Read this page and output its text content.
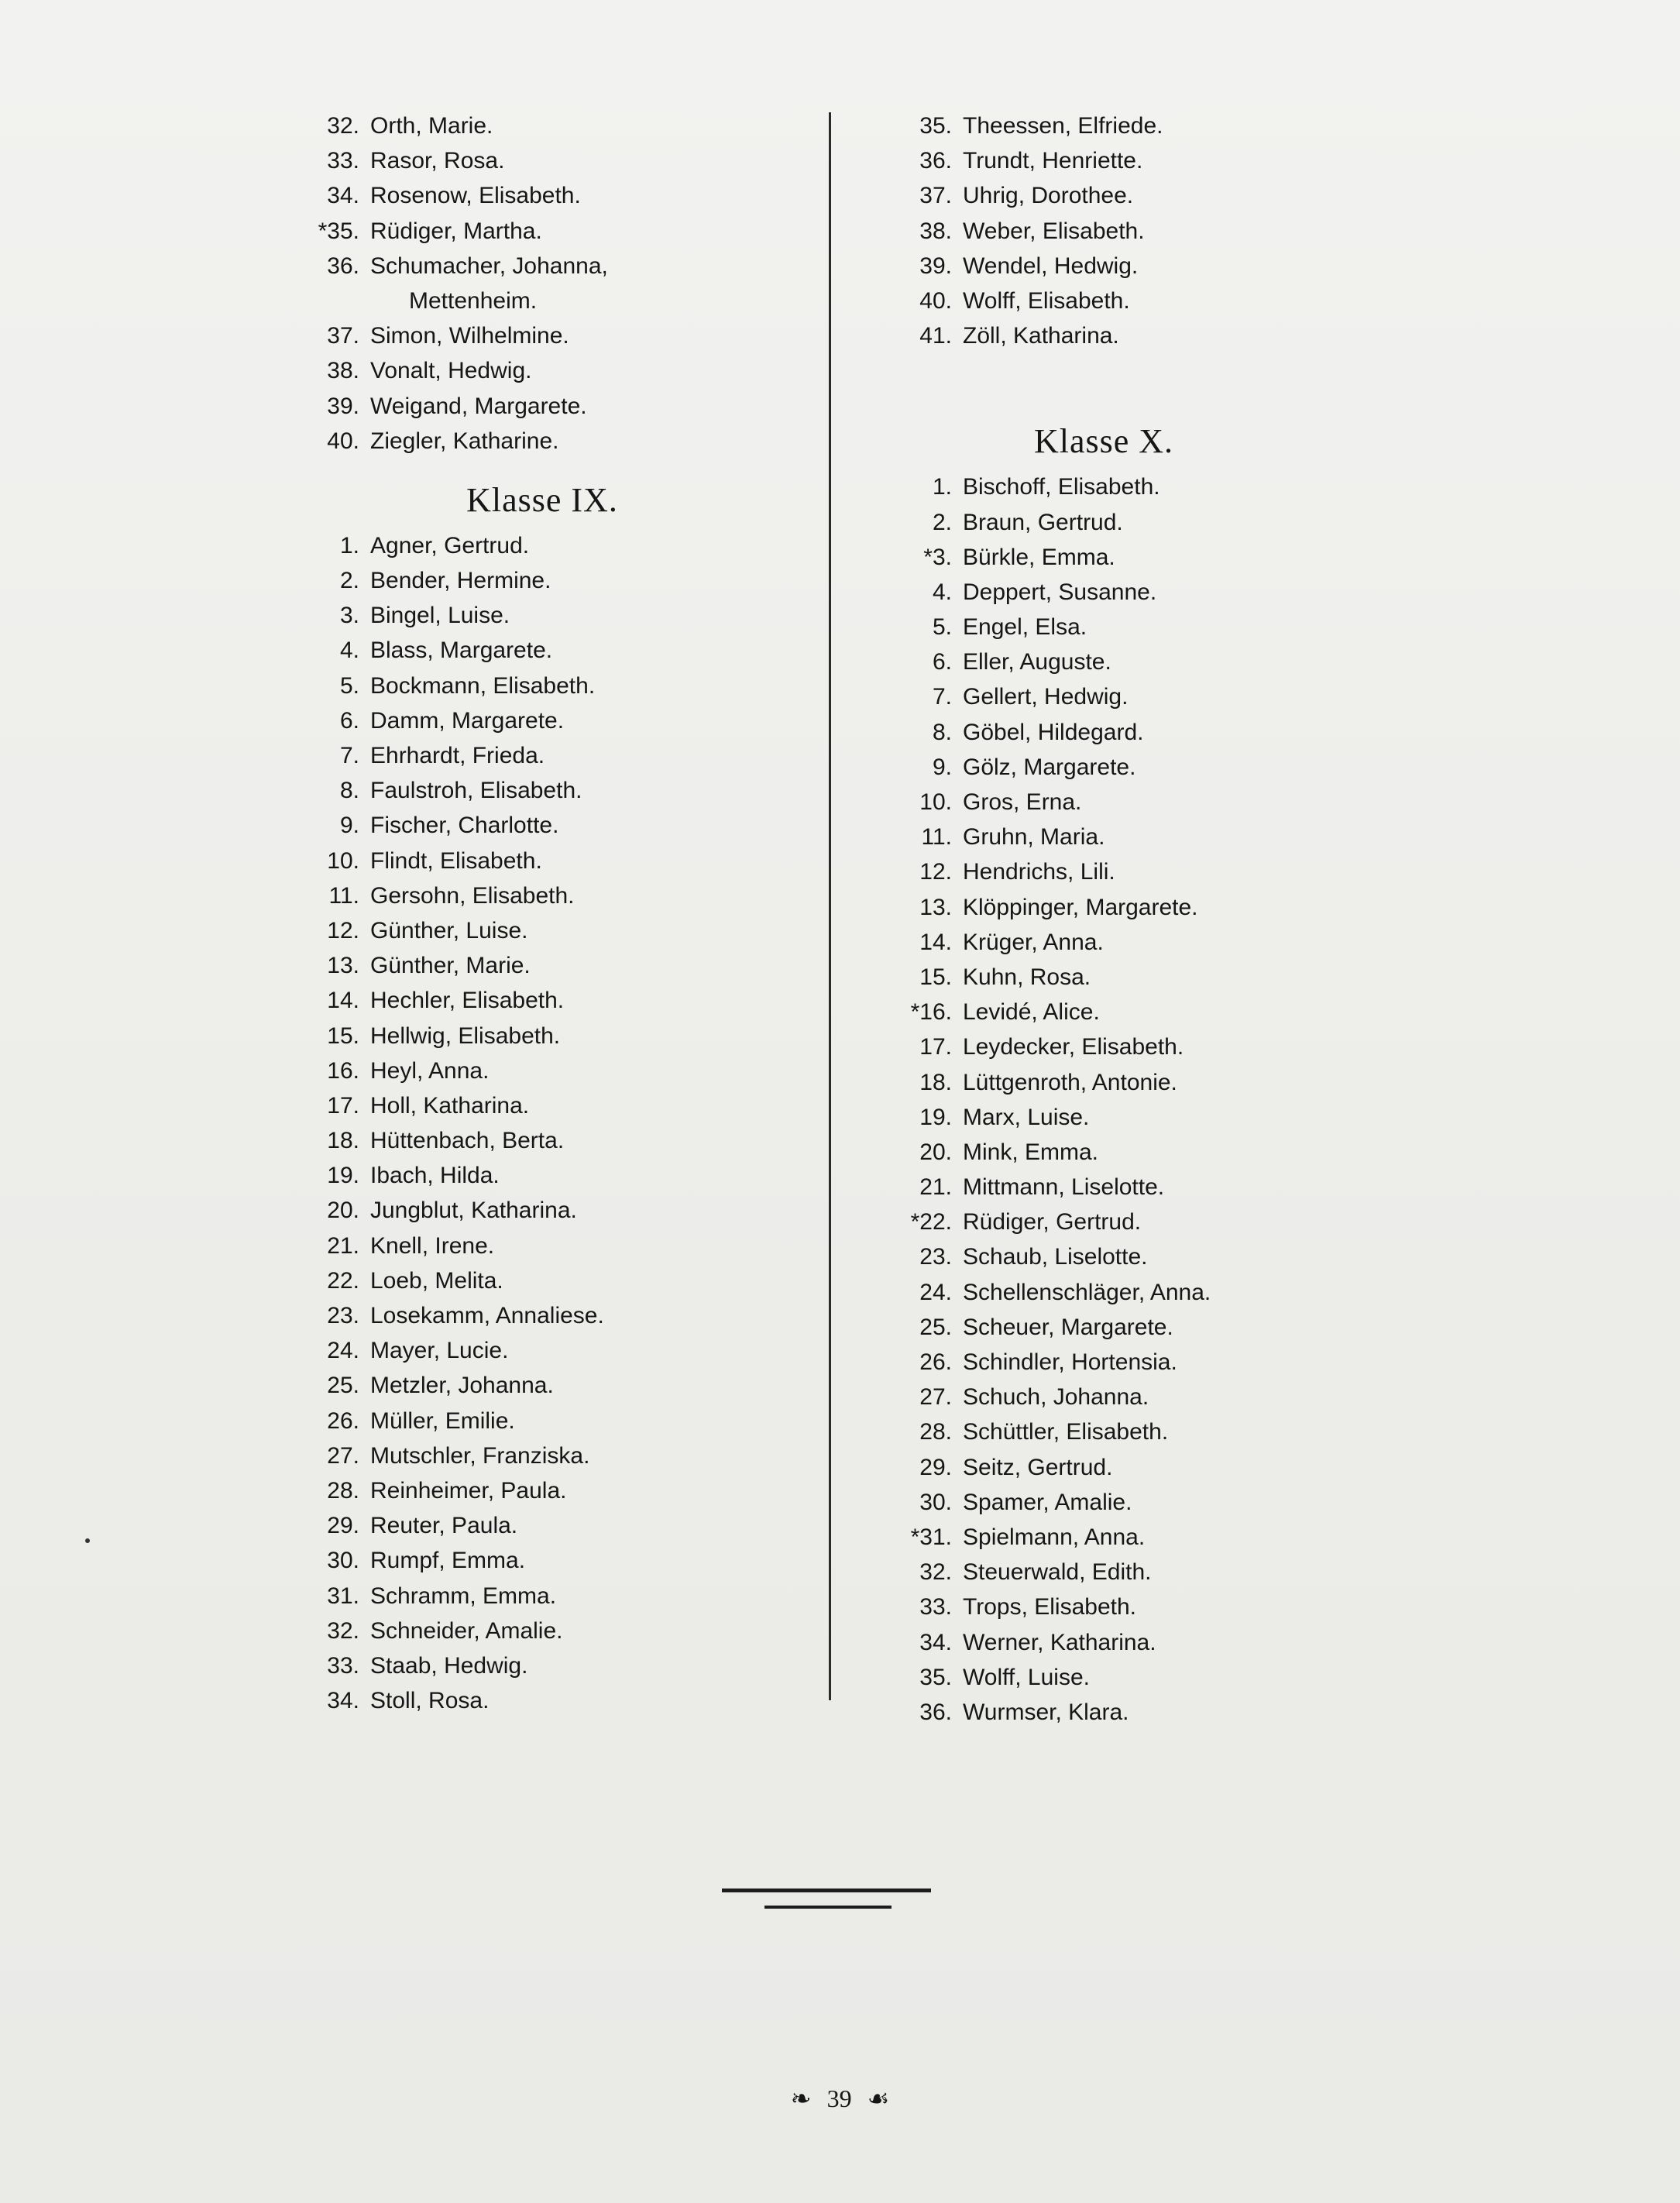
32. Orth, Marie.
33. Rasor, Rosa.
34. Rosenow, Elisabeth.
*35. Rüdiger, Martha.
36. Schumacher, Johanna,
Mettenheim.
37. Simon, Wilhelmine.
38. Vonalt, Hedwig.
39. Weigand, Margarete.
40. Ziegler, Katharine.
Klasse IX.
1. Agner, Gertrud.
2. Bender, Hermine.
3. Bingel, Luise.
4. Blass, Margarete.
5. Bockmann, Elisabeth.
6. Damm, Margarete.
7. Ehrhardt, Frieda.
8. Faulstroh, Elisabeth.
9. Fischer, Charlotte.
10. Flindt, Elisabeth.
11. Gersohn, Elisabeth.
12. Günther, Luise.
13. Günther, Marie.
14. Hechler, Elisabeth.
15. Hellwig, Elisabeth.
16. Heyl, Anna.
17. Holl, Katharina.
18. Hüttenbach, Berta.
19. Ibach, Hilda.
20. Jungblut, Katharina.
21. Knell, Irene.
22. Loeb, Melita.
23. Losekamm, Annaliese.
24. Mayer, Lucie.
25. Metzler, Johanna.
26. Müller, Emilie.
27. Mutschler, Franziska.
28. Reinheimer, Paula.
29. Reuter, Paula.
30. Rumpf, Emma.
31. Schramm, Emma.
32. Schneider, Amalie.
33. Staab, Hedwig.
34. Stoll, Rosa.
35. Theessen, Elfriede.
36. Trundt, Henriette.
37. Uhrig, Dorothee.
38. Weber, Elisabeth.
39. Wendel, Hedwig.
40. Wolff, Elisabeth.
41. Zöll, Katharina.
Klasse X.
1. Bischoff, Elisabeth.
2. Braun, Gertrud.
*3. Bürkle, Emma.
4. Deppert, Susanne.
5. Engel, Elsa.
6. Eller, Auguste.
7. Gellert, Hedwig.
8. Göbel, Hildegard.
9. Gölz, Margarete.
10. Gros, Erna.
11. Gruhn, Maria.
12. Hendrichs, Lili.
13. Klöppinger, Margarete.
14. Krüger, Anna.
15. Kuhn, Rosa.
*16. Levidé, Alice.
17. Leydecker, Elisabeth.
18. Lüttgenroth, Antonie.
19. Marx, Luise.
20. Mink, Emma.
21. Mittmann, Liselotte.
*22. Rüdiger, Gertrud.
23. Schaub, Liselotte.
24. Schellenschläger, Anna.
25. Scheuer, Margarete.
26. Schindler, Hortensia.
27. Schuch, Johanna.
28. Schüttler, Elisabeth.
29. Seitz, Gertrud.
30. Spamer, Amalie.
*31. Spielmann, Anna.
32. Steuerwald, Edith.
33. Trops, Elisabeth.
34. Werner, Katharina.
35. Wolff, Luise.
36. Wurmser, Klara.
❧ 39 ☙
